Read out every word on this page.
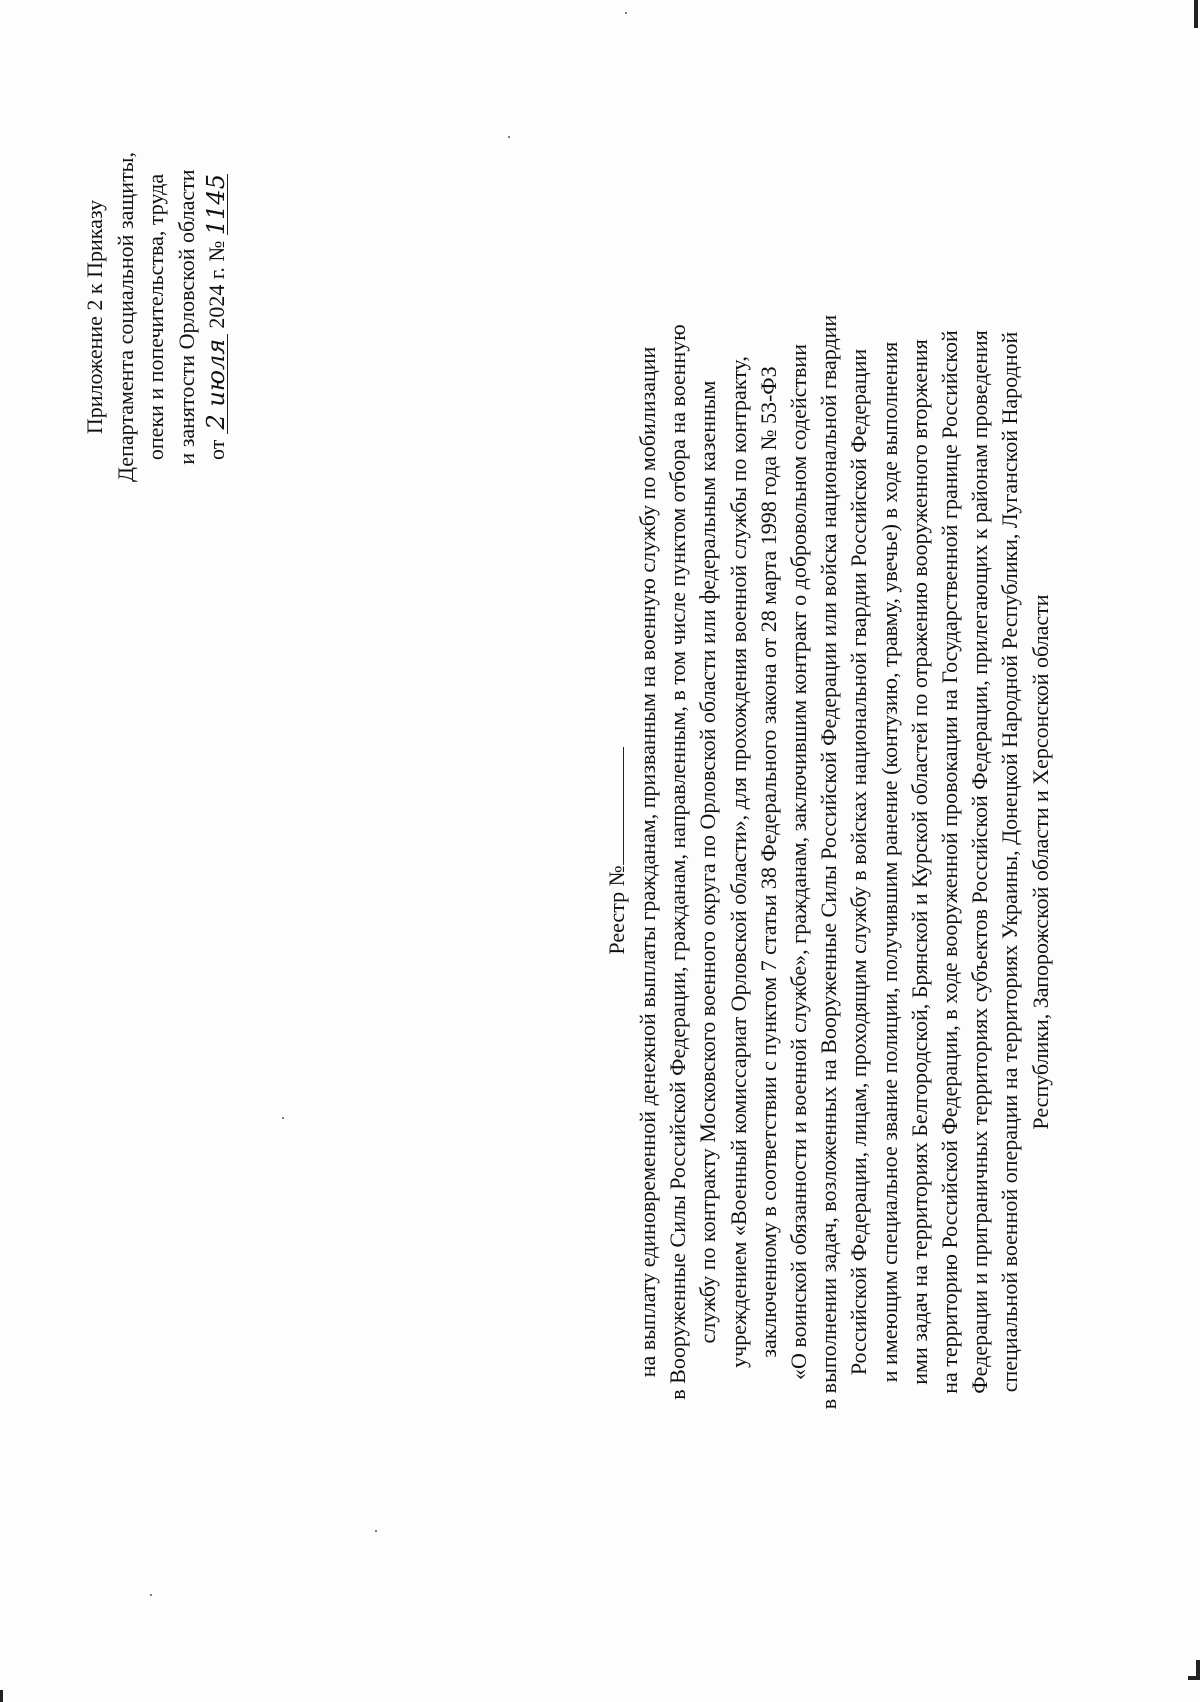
Приложение 2 к Приказу Департамента социальной защиты, опеки и попечительства, труда и занятости Орловской области от 2 июля 2024 г. № 1145
Реестр № на выплату единовременной денежной выплаты гражданам, призванным на военную службу по мобилизации в Вооруженные Силы Российской Федерации, гражданам, направленным, в том числе пунктом отбора на военную службу по контракту Московского военного округа по Орловской области или федеральным казенным учреждением «Военный комиссариат Орловской области», для прохождения военной службы по контракту, заключенному в соответствии с пунктом 7 статьи 38 Федерального закона от 28 марта 1998 года № 53-ФЗ «О воинской обязанности и военной службе», гражданам, заключившим контракт о добровольном содействии в выполнении задач, возложенных на Вооруженные Силы Российской Федерации или войска национальной гвардии Российской Федерации, лицам, проходящим службу в войсках национальной гвардии Российской Федерации и имеющим специальное звание полиции, получившим ранение (контузию, травму, увечье) в ходе выполнения ими задач на территориях Белгородской, Брянской и Курской областей по отражению вооруженного вторжения на территорию Российской Федерации, в ходе вооруженной провокации на Государственной границе Российской Федерации и приграничных территориях субъектов Российской Федерации, прилегающих к районам проведения специальной военной операции на территориях Украины, Донецкой Народной Республики, Луганской Народной Республики, Запорожской области и Херсонской области
